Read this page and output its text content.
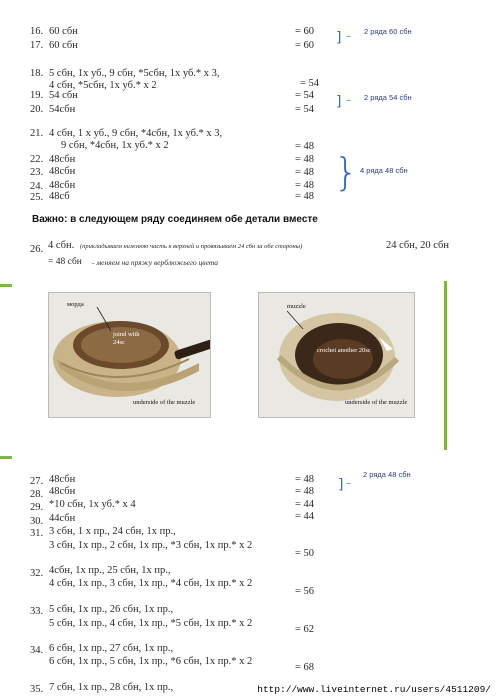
16. 60 сбн	= 60
17. 60 сбн	= 60 ] – 2 ряда 60 сбн
18. 5 сбн, 1х уб., 9 сбн, *5сбн, 1х уб.* х 3,
4 сбн, *5сбн, 1х уб.* х 2	= 54
19. 54 сбн	= 54
20. 54сбн	= 54 ] – 2 ряда 54 сбн
21. 4 сбн, 1 х уб., 9 сбн, *4сбн, 1х уб.* х 3,
9 сбн, *4сбн, 1х уб.* х 2	= 48
22. 48сбн	= 48
23. 48сбн	= 48
24. 48сбн	= 48
25. 48сб	= 48
} 4 ряда 48 сбн
Важно: в следующем ряду соединяем обе детали вместе
26. 4 сбн. (прикладываем нижнюю часть к верхней и провязываем 24 сбн за обе стороны)	24 сбн, 20 сбн
= 48 сбн - меняем на пряжу верблюжьего цвета
морда
joind with 24sc
underside of the muzzle
muzzle
crochet another 20sc
underside of the muzzle
27. 48сбн	= 48
28. 48сбн	= 48
29. *10 сбн, 1х уб.* х 4	= 44
30. 44сбн	= 44
] –
2 ряда 48 сбн
31. 3 сбн, 1 х пр., 24 сбн, 1х пр.,
3 сбн, 1х пр., 2 сбн, 1х пр., *3 сбн, 1х пр.* х 2
= 50
32. 4сбн, 1х пр., 25 сбн, 1х пр.,
4 сбн, 1х пр., 3 сбн, 1х пр., *4 сбн, 1х пр.* х 2
= 56
33. 5 сбн, 1х пр., 26 сбн, 1х пр.,
5 сбн, 1х пр., 4 сбн, 1х пр., *5 сбн, 1х пр.* х 2
= 62
34. 6 сбн, 1х пр., 27 сбн, 1х пр.,
6 сбн, 1х пр., 5 сбн, 1х пр., *6 сбн, 1х пр.* х 2
= 68
35. 7 сбн, 1х пр., 28 сбн, 1х пр.,	http://www.liveinternet.ru/users/4511209/
